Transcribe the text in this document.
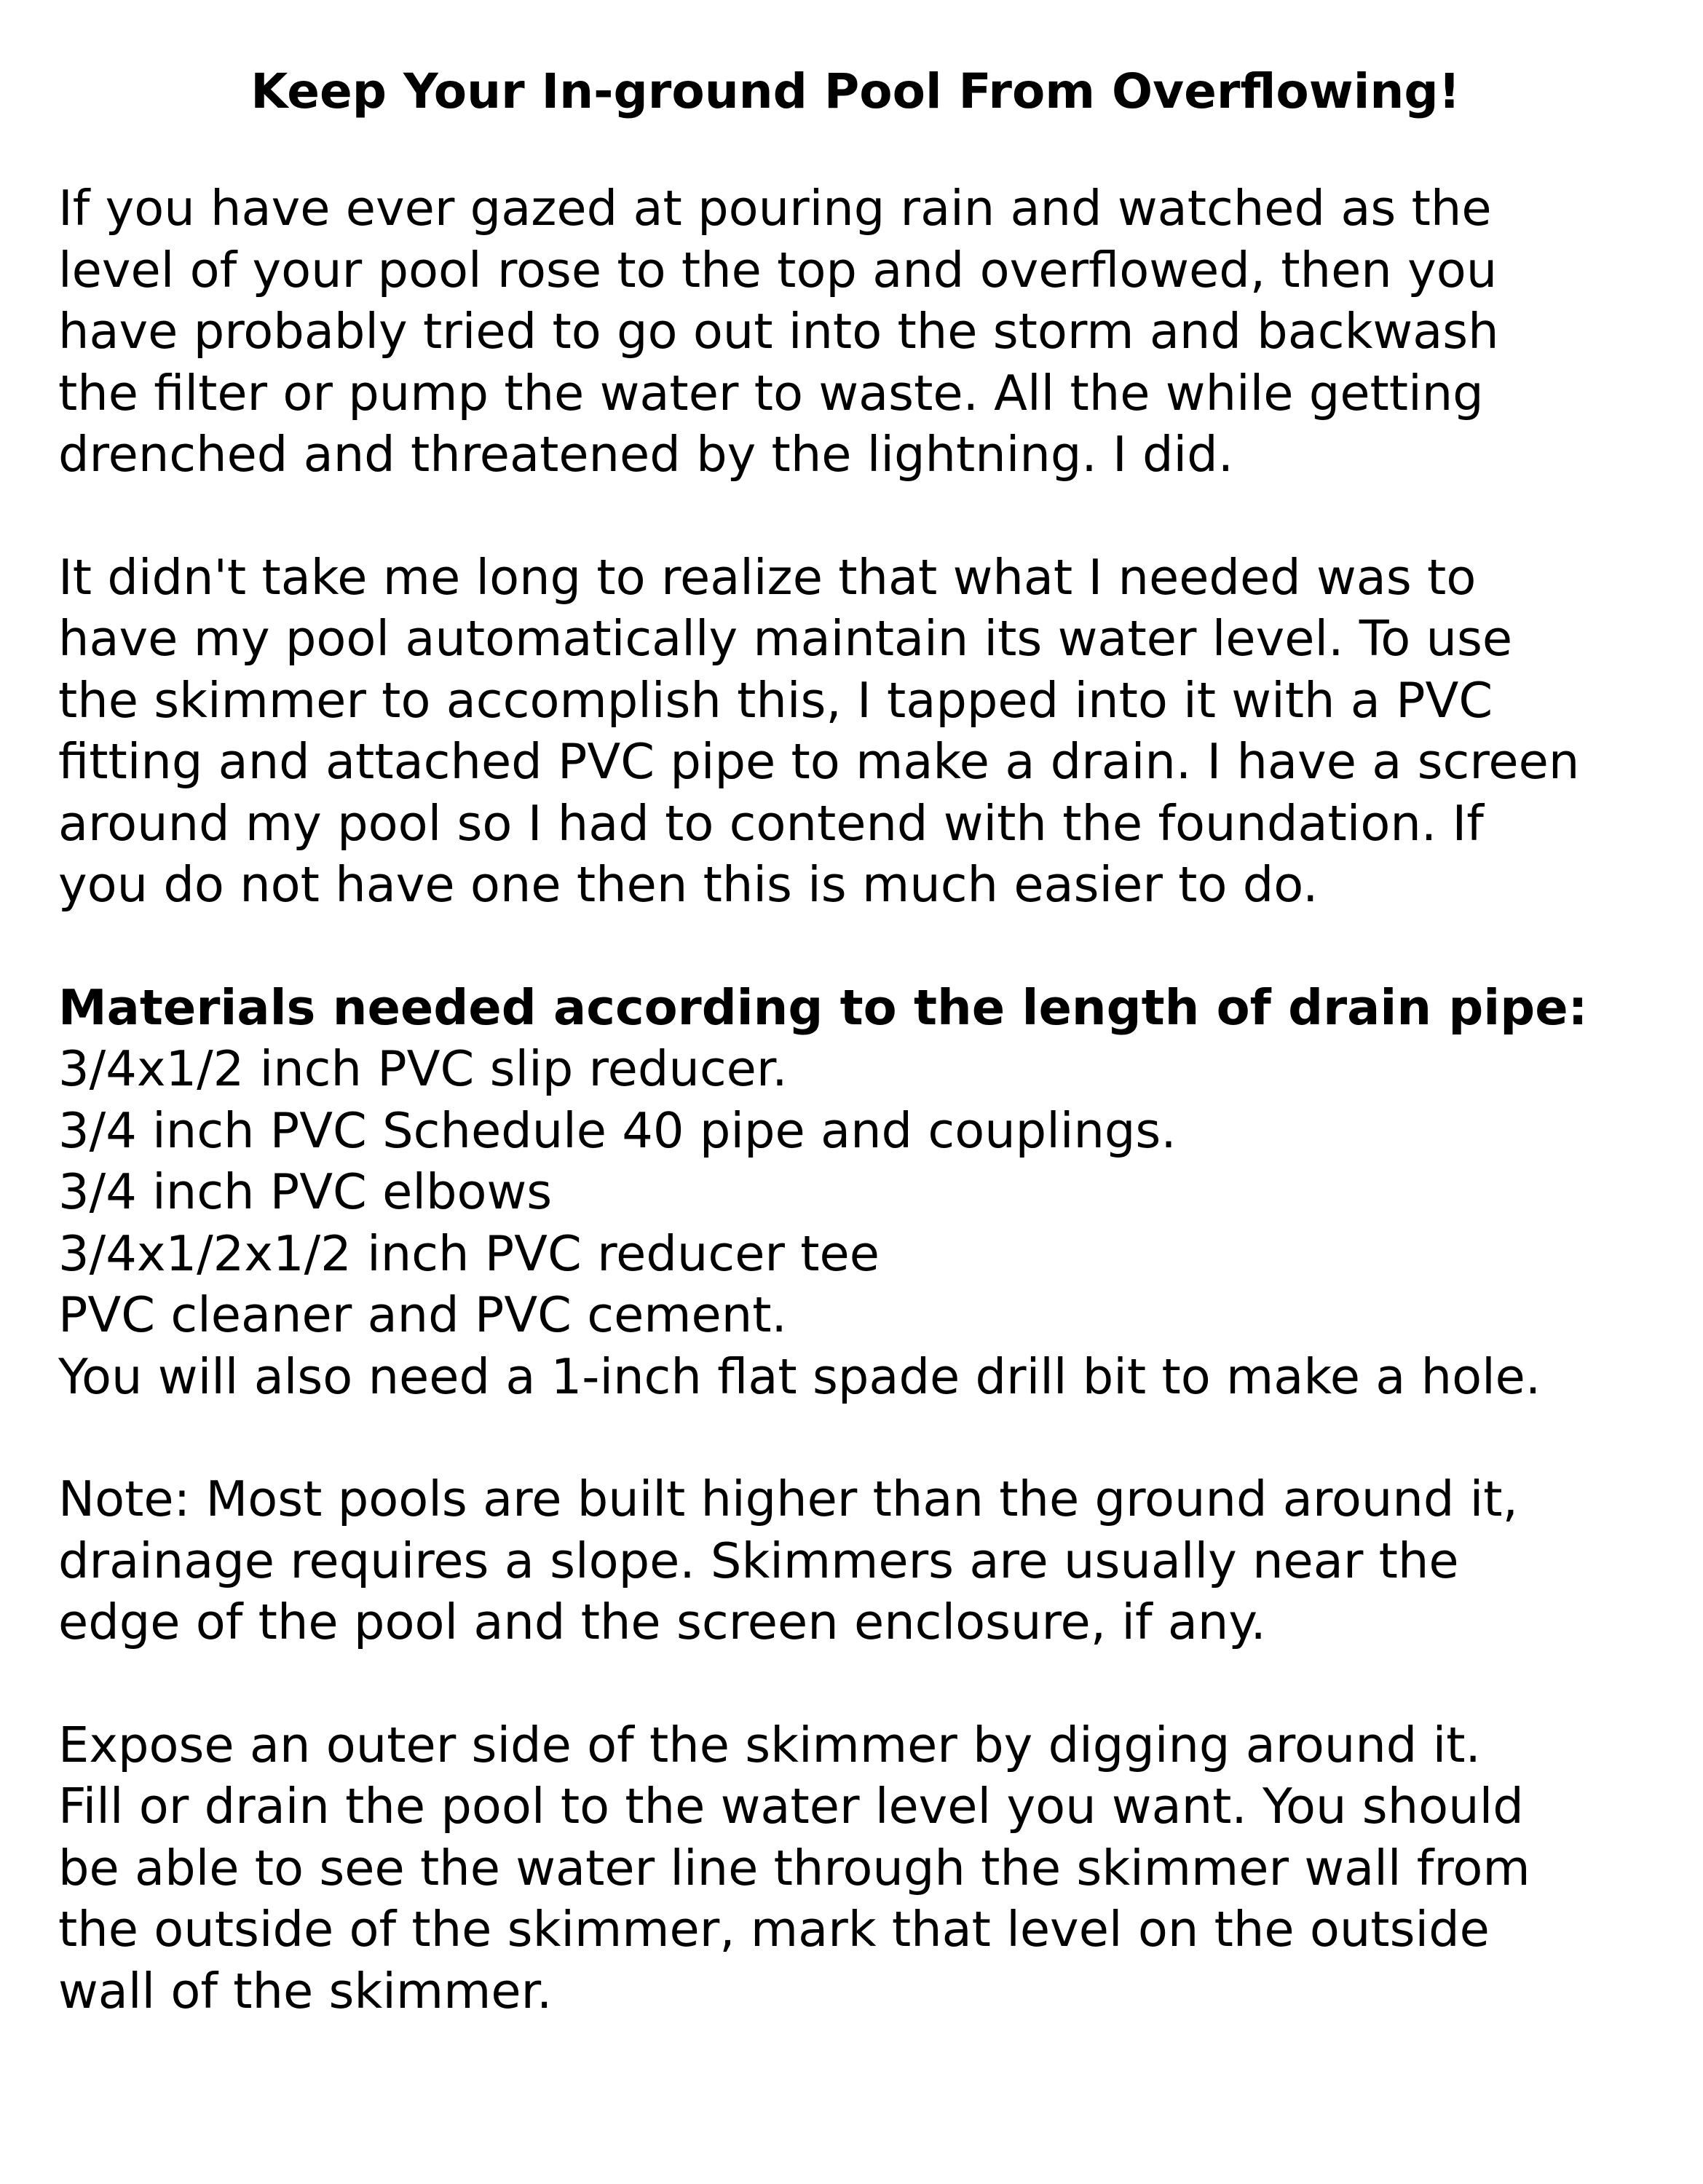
Keep Your In-ground Pool From Overflowing!
If you have ever gazed at pouring rain and watched as the
level of your pool rose to the top and overflowed, then you
have probably tried to go out into the storm and backwash
the filter or pump the water to waste. All the while getting
drenched and threatened by the lightning. I did.
It didn't take me long to realize that what I needed was to
have my pool automatically maintain its water level. To use
the skimmer to accomplish this, I tapped into it with a PVC
fitting and attached PVC pipe to make a drain. I have a screen
around my pool so I had to contend with the foundation. If
you do not have one then this is much easier to do.
Materials needed according to the length of drain pipe:
3/4x1/2 inch PVC slip reducer.
3/4 inch PVC Schedule 40 pipe and couplings.
3/4 inch PVC elbows
3/4x1/2x1/2 inch PVC reducer tee
PVC cleaner and PVC cement.
You will also need a 1-inch flat spade drill bit to make a hole.
Note: Most pools are built higher than the ground around it,
drainage requires a slope. Skimmers are usually near the
edge of the pool and the screen enclosure, if any.
Expose an outer side of the skimmer by digging around it.
Fill or drain the pool to the water level you want. You should
be able to see the water line through the skimmer wall from
the outside of the skimmer, mark that level on the outside
wall of the skimmer.
